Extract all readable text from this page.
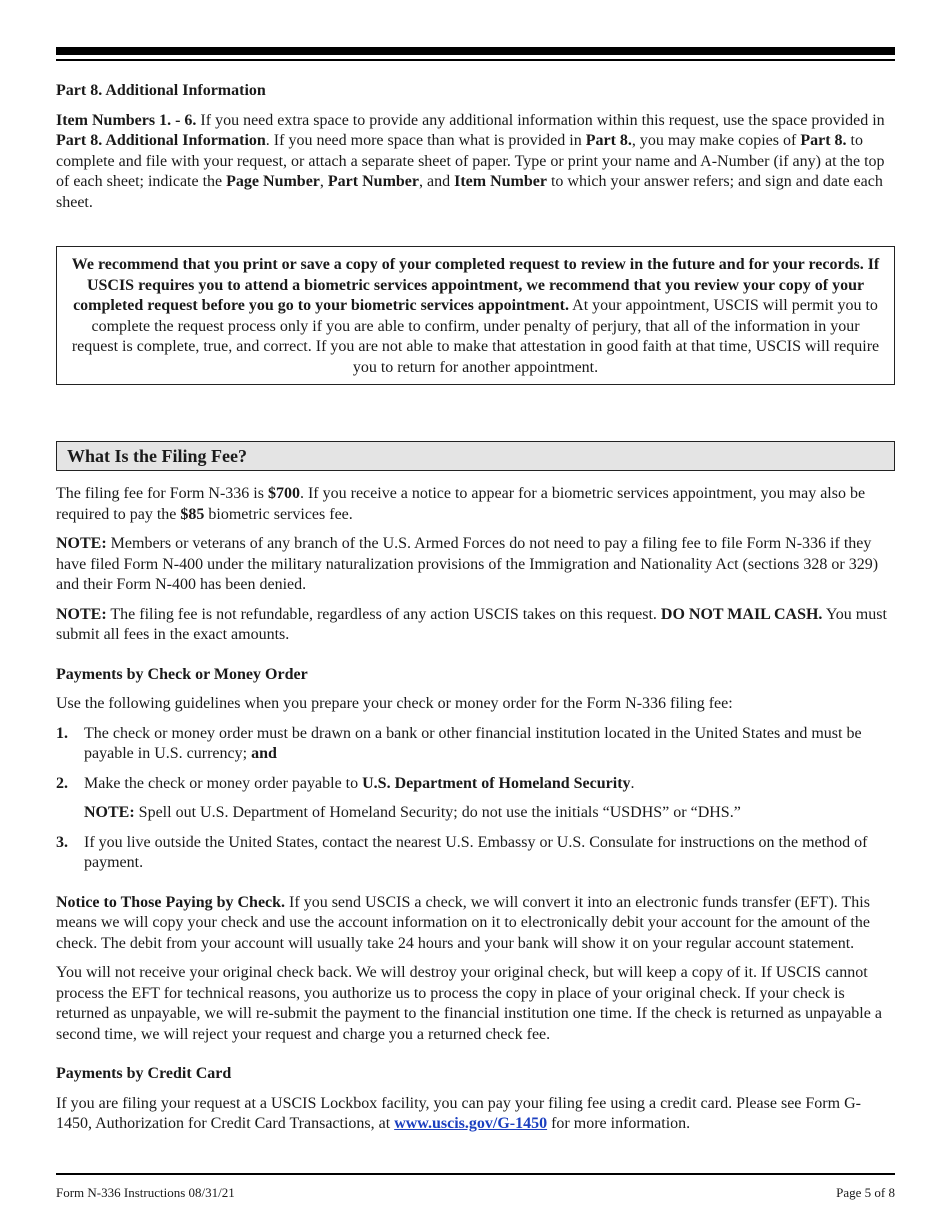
Part 8. Additional Information

Item Numbers 1. - 6. If you need extra space to provide any additional information within this request, use the space provided in Part 8. Additional Information. If you need more space than what is provided in Part 8., you may make copies of Part 8. to complete and file with your request, or attach a separate sheet of paper. Type or print your name and A-Number (if any) at the top of each sheet; indicate the Page Number, Part Number, and Item Number to which your answer refers; and sign and date each sheet.

We recommend that you print or save a copy of your completed request to review in the future and for your records. If USCIS requires you to attend a biometric services appointment, we recommend that you review your copy of your completed request before you go to your biometric services appointment. At your appointment, USCIS will permit you to complete the request process only if you are able to confirm, under penalty of perjury, that all of the information in your request is complete, true, and correct. If you are not able to make that attestation in good faith at that time, USCIS will require you to return for another appointment.

What Is the Filing Fee?

The filing fee for Form N-336 is $700. If you receive a notice to appear for a biometric services appointment, you may also be required to pay the $85 biometric services fee.

NOTE: Members or veterans of any branch of the U.S. Armed Forces do not need to pay a filing fee to file Form N-336 if they have filed Form N-400 under the military naturalization provisions of the Immigration and Nationality Act (sections 328 or 329) and their Form N-400 has been denied.

NOTE: The filing fee is not refundable, regardless of any action USCIS takes on this request. DO NOT MAIL CASH. You must submit all fees in the exact amounts.

Payments by Check or Money Order

Use the following guidelines when you prepare your check or money order for the Form N-336 filing fee:

1. The check or money order must be drawn on a bank or other financial institution located in the United States and must be payable in U.S. currency; and
2. Make the check or money order payable to U.S. Department of Homeland Security.

NOTE: Spell out U.S. Department of Homeland Security; do not use the initials “USDHS” or “DHS.”

3. If you live outside the United States, contact the nearest U.S. Embassy or U.S. Consulate for instructions on the method of payment.

Notice to Those Paying by Check. If you send USCIS a check, we will convert it into an electronic funds transfer (EFT). This means we will copy your check and use the account information on it to electronically debit your account for the amount of the check. The debit from your account will usually take 24 hours and your bank will show it on your regular account statement.

You will not receive your original check back. We will destroy your original check, but will keep a copy of it. If USCIS cannot process the EFT for technical reasons, you authorize us to process the copy in place of your original check. If your check is returned as unpayable, we will re-submit the payment to the financial institution one time. If the check is returned as unpayable a second time, we will reject your request and charge you a returned check fee.

Payments by Credit Card

If you are filing your request at a USCIS Lockbox facility, you can pay your filing fee using a credit card. Please see Form G-1450, Authorization for Credit Card Transactions, at www.uscis.gov/G-1450 for more information.

Form N-336 Instructions 08/31/21	Page 5 of 8
